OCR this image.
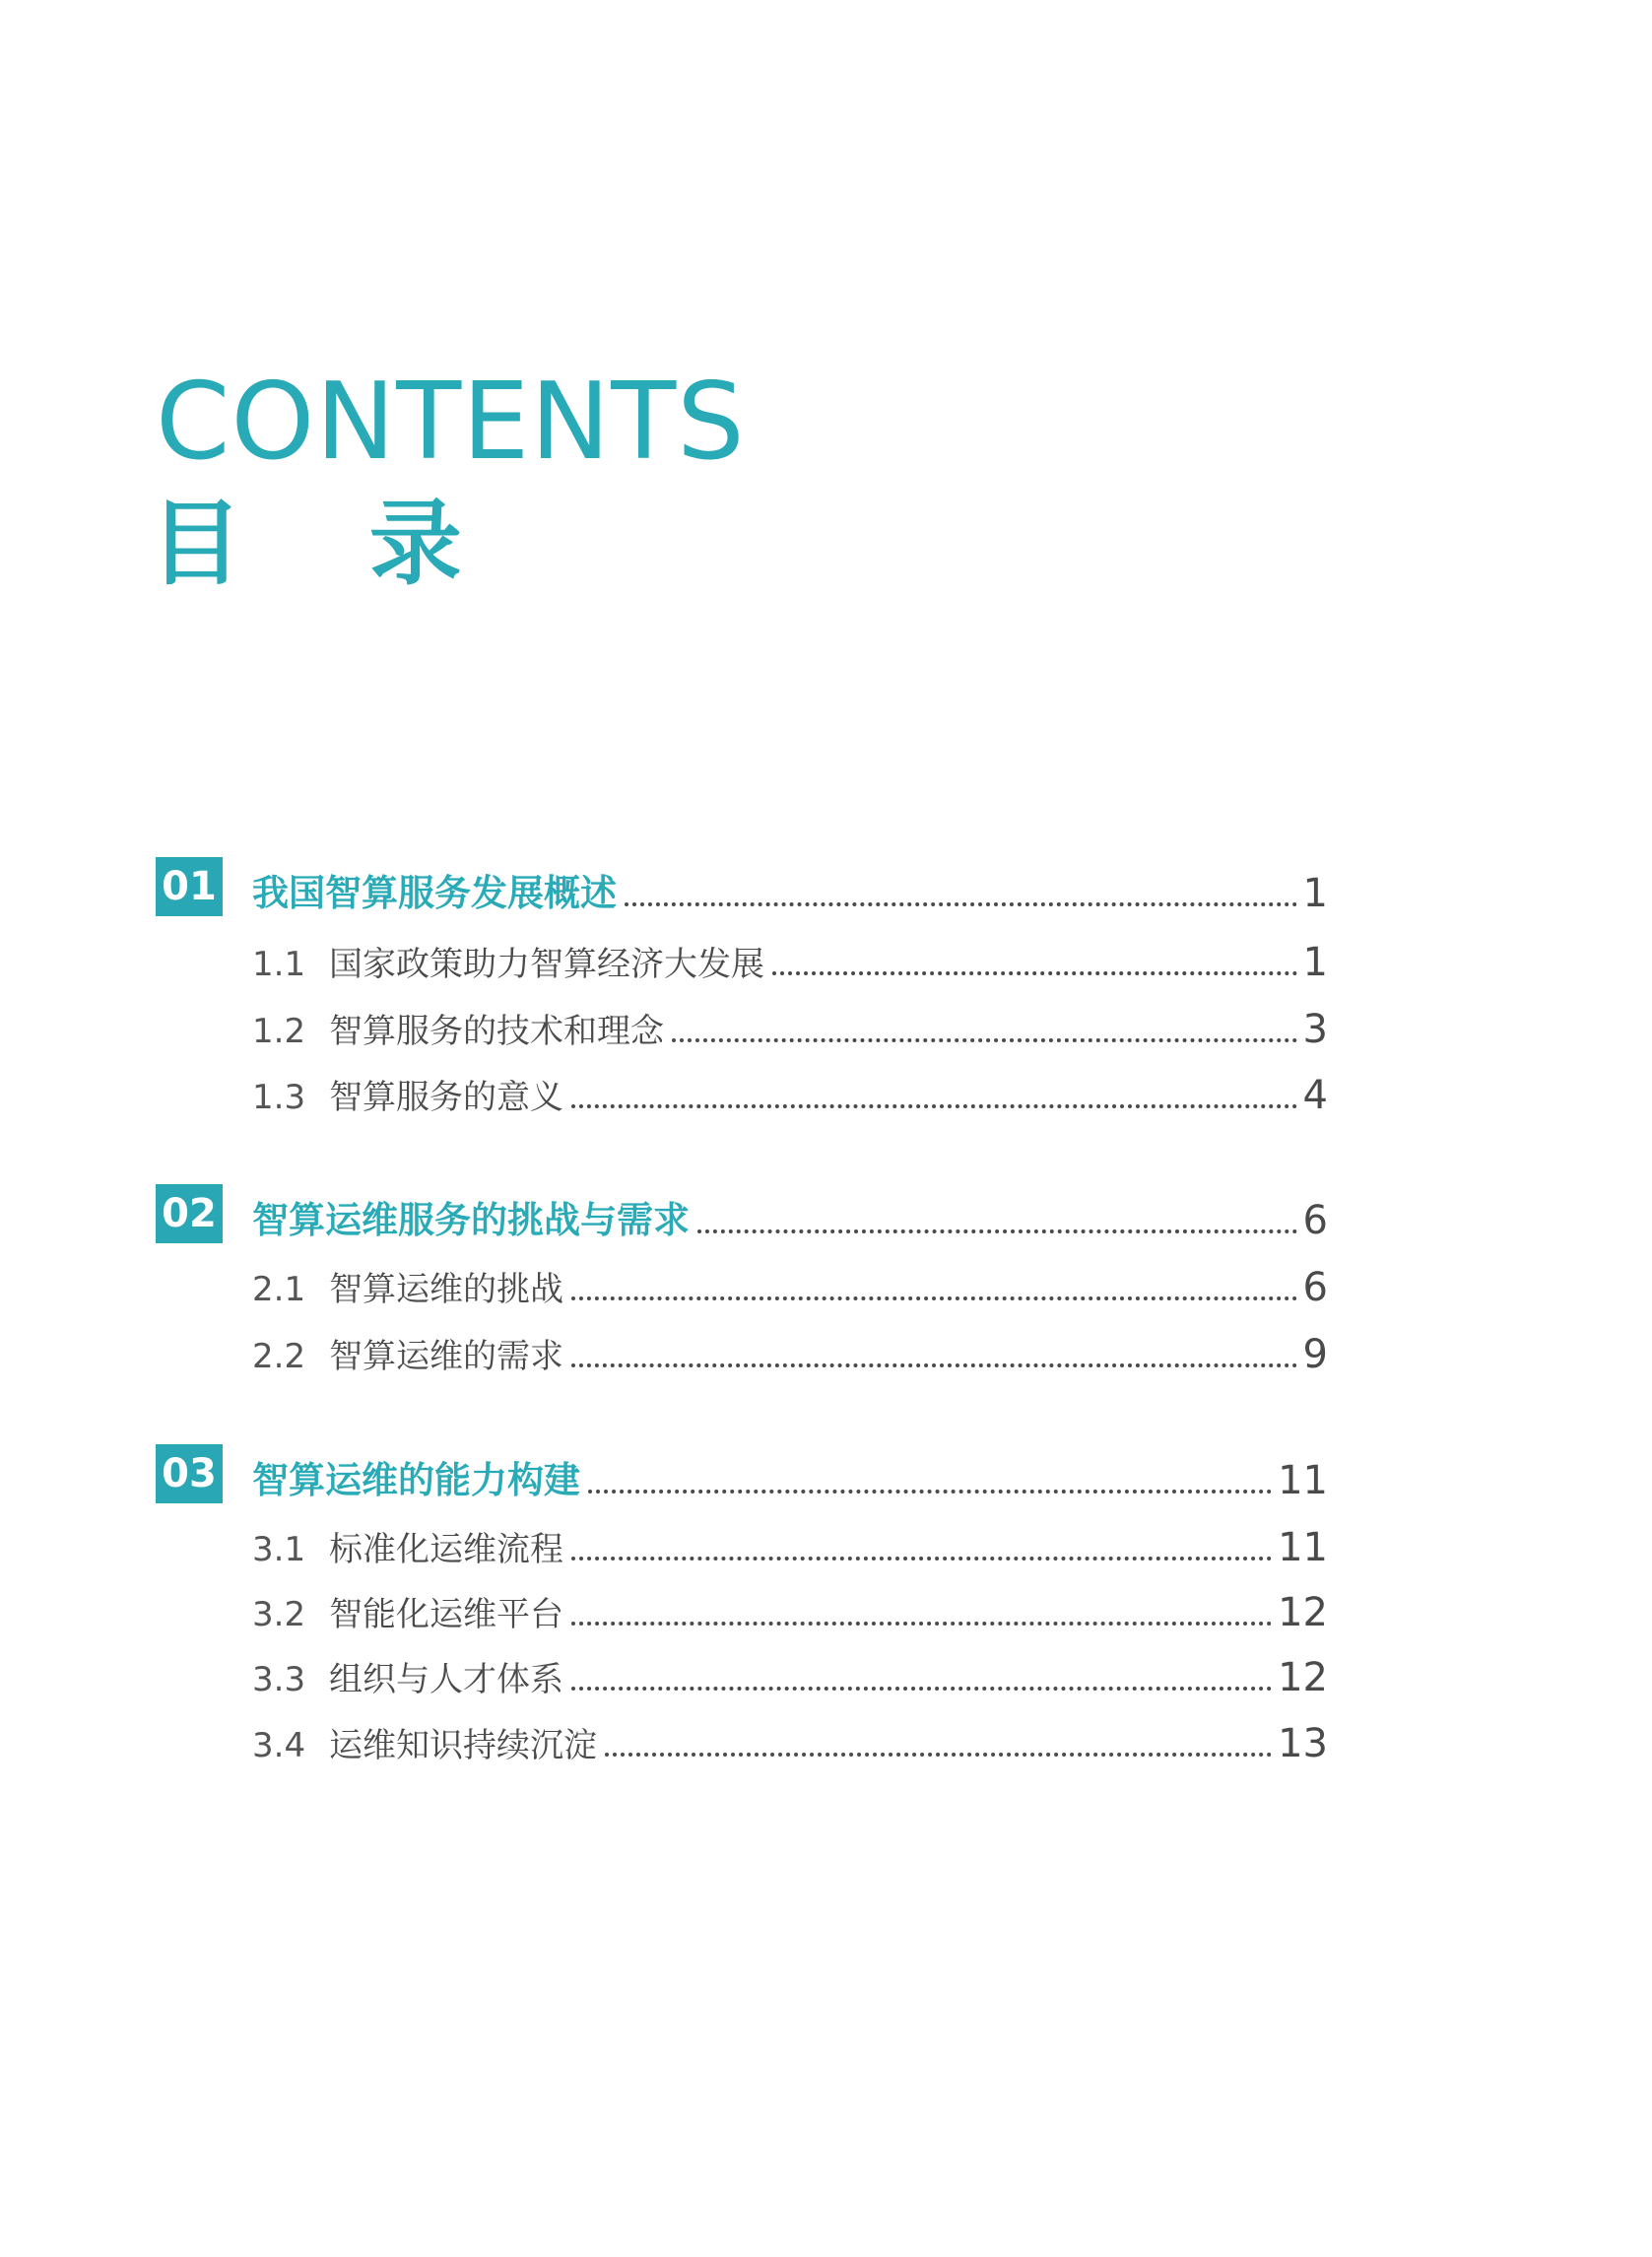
CONTENTS
目 录
01 我国智算服务发展概述	1
1.1 国家政策助力智算经济大发展	1
1.2 智算服务的技术和理念	3
1.3 智算服务的意义	4
02 智算运维服务的挑战与需求	6
2.1 智算运维的挑战	6
2.2 智算运维的需求	9
03 智算运维的能力构建	11
3.1 标准化运维流程	11
3.2 智能化运维平台	12
3.3 组织与人才体系	12
3.4 运维知识持续沉淀	13
